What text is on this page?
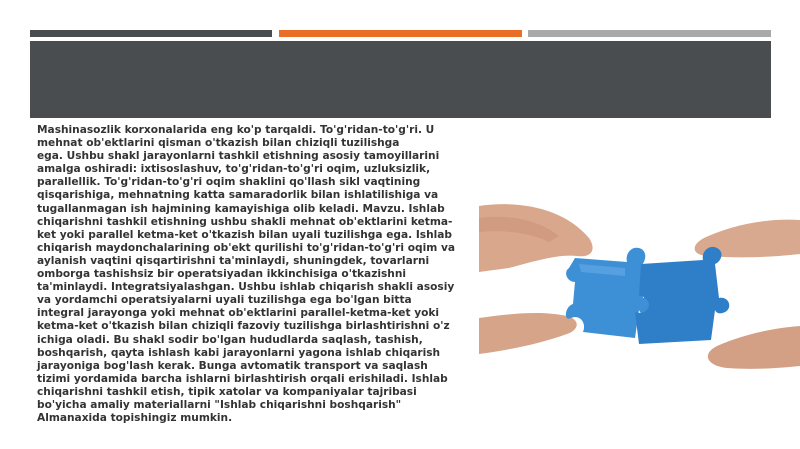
Mashinasozlik korxonalarida eng ko'p tarqaldi. To'g'ridan-to'g'ri. U
mehnat ob'ektlarini qisman o'tkazish bilan chiziqli tuzilishga
ega. Ushbu shakl jarayonlarni tashkil etishning asosiy tamoyillarini
amalga oshiradi: ixtisoslashuv, to'g'ridan-to'g'ri oqim, uzluksizlik,
parallellik. To'g'ridan-to'g'ri oqim shaklini qo'llash sikl vaqtining
qisqarishiga, mehnatning katta samaradorlik bilan ishlatilishiga va
tugallanmagan ish hajmining kamayishiga olib keladi. Mavzu. Ishlab
chiqarishni tashkil etishning ushbu shakli mehnat ob'ektlarini ketma-
ket yoki parallel ketma-ket o'tkazish bilan uyali tuzilishga ega. Ishlab
chiqarish maydonchalarining ob'ekt qurilishi to'g'ridan-to'g'ri oqim va
aylanish vaqtini qisqartirishni ta'minlaydi, shuningdek, tovarlarni
omborga tashishsiz bir operatsiyadan ikkinchisiga o'tkazishni
ta'minlaydi. Integratsiyalashgan. Ushbu ishlab chiqarish shakli asosiy
va yordamchi operatsiyalarni uyali tuzilishga ega bo'lgan bitta
integral jarayonga yoki mehnat ob'ektlarini parallel-ketma-ket yoki
ketma-ket o'tkazish bilan chiziqli fazoviy tuzilishga birlashtirishni o'z
ichiga oladi. Bu shakl sodir bo'lgan hududlarda saqlash, tashish,
boshqarish, qayta ishlash kabi jarayonlarni yagona ishlab chiqarish
jarayoniga bog'lash kerak. Bunga avtomatik transport va saqlash
tizimi yordamida barcha ishlarni birlashtirish orqali erishiladi. Ishlab
chiqarishni tashkil etish, tipik xatolar va kompaniyalar tajribasi
bo'yicha amaliy materiallarni "Ishlab chiqarishni boshqarish"
Almanaxida topishingiz mumkin.
